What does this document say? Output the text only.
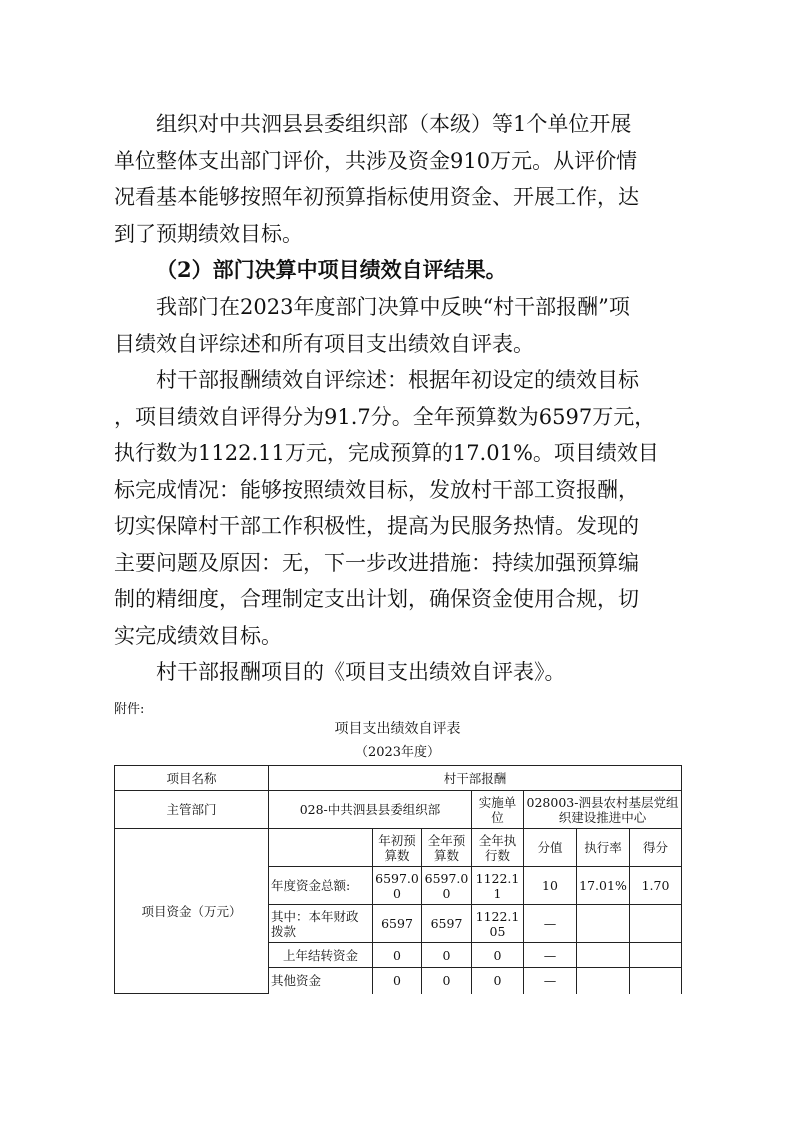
组织对中共泗县县委组织部（本级）等1个单位开展
单位整体支出部门评价，共涉及资金910万元。从评价情
况看基本能够按照年初预算指标使用资金、开展工作，达
到了预期绩效目标。

（2）部门决算中项目绩效自评结果。

我部门在2023年度部门决算中反映“村干部报酬”项
目绩效自评综述和所有项目支出绩效自评表。

村干部报酬绩效自评综述：根据年初设定的绩效目标
，项目绩效自评得分为91.7分。全年预算数为6597万元，
执行数为1122.11万元，完成预算的17.01%。项目绩效目
标完成情况：能够按照绩效目标，发放村干部工资报酬，
切实保障村干部工作积极性，提高为民服务热情。发现的
主要问题及原因：无，下一步改进措施：持续加强预算编
制的精细度，合理制定支出计划，确保资金使用合规，切
实完成绩效目标。

村干部报酬项目的《项目支出绩效自评表》。

附件:

项目支出绩效自评表

（2023年度）

项目名称	村干部报酬						
主管部门	028-中共泗县县委组织部			实施单位	028003-泗县农村基层党组织建设推进中心		
项目资金（万元）		年初预算数	全年预算数	全年执行数	分值	执行率	得分
	年度资金总额:	6597.00	6597.00	1122.11	10	17.01%	1.70
	其中：本年财政拨款	6597	6597	1122.105	—		
	上年结转资金	0	0	0	—		
	其他资金	0	0	0	—		
